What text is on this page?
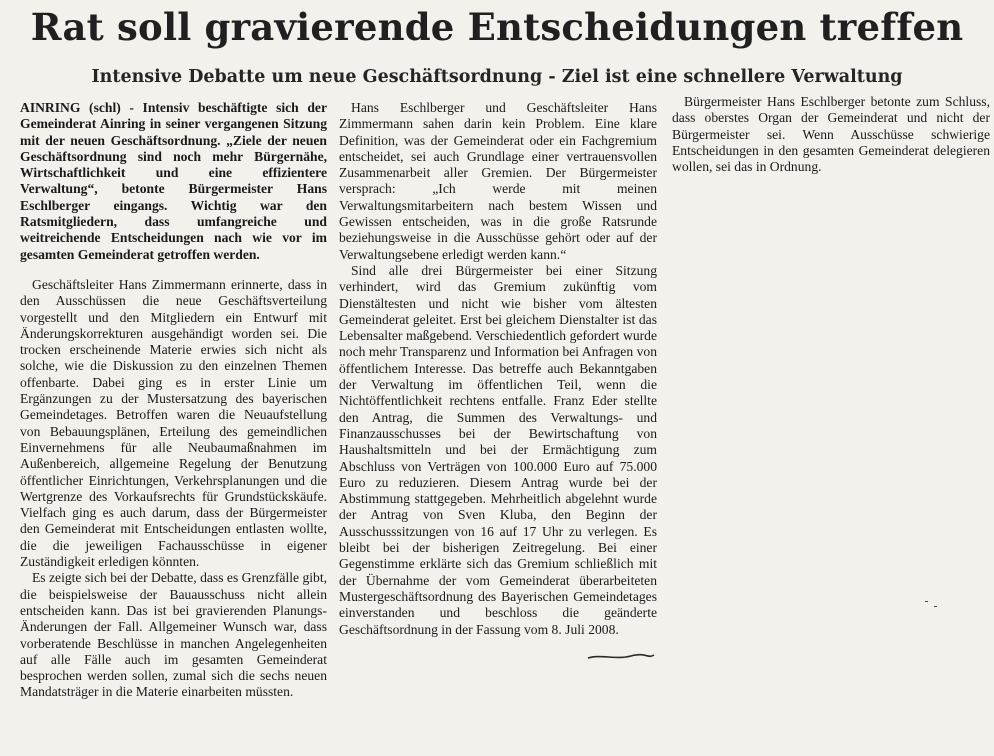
Rat soll gravierende Entscheidungen treffen
Intensive Debatte um neue Geschäftsordnung - Ziel ist eine schnellere Verwaltung

AINRING (schl) - Intensiv beschäftigte sich der Gemeinderat Ainring in seiner vergangenen Sitzung mit der neuen Geschäftsordnung. „Ziele der neuen Geschäftsordnung sind noch mehr Bürgernähe, Wirtschaftlichkeit und eine effizientere Verwaltung“, betonte Bürgermeister Hans Eschlberger eingangs. Wichtig war den Ratsmitgliedern, dass umfangreiche und weitreichende Entscheidungen nach wie vor im gesamten Gemeinderat getroffen werden.

Geschäftsleiter Hans Zimmermann erinnerte, dass in den Ausschüssen die neue Geschäftsverteilung vorgestellt und den Mitgliedern ein Entwurf mit Änderungskorrekturen ausgehändigt worden sei. Die trocken erscheinende Materie erwies sich nicht als solche, wie die Diskussion zu den einzelnen Themen offenbarte. Dabei ging es in erster Linie um Ergänzungen zu der Mustersatzung des bayerischen Gemeindetages. Betroffen waren die Neuaufstellung von Bebauungsplänen, Erteilung des gemeindlichen Einvernehmens für alle Neubaumaßnahmen im Außenbereich, allgemeine Regelung der Benutzung öffentlicher Einrichtungen, Verkehrsplanungen und die Wertgrenze des Vorkaufsrechts für Grundstückskäufe. Vielfach ging es auch darum, dass der Bürgermeister den Gemeinderat mit Entscheidungen entlasten wollte, die die jeweiligen Fachausschüsse in eigener Zuständigkeit erledigen könnten.

Es zeigte sich bei der Debatte, dass es Grenzfälle gibt, die beispielsweise der Bauausschuss nicht allein entscheiden kann. Das ist bei gravierenden Planungs-Änderungen der Fall. Allgemeiner Wunsch war, dass vorberatende Beschlüsse in manchen Angelegenheiten auf alle Fälle auch im gesamten Gemeinderat besprochen werden sollen, zumal sich die sechs neuen Mandatsträger in die Materie einarbeiten müssten.

Hans Eschlberger und Geschäftsleiter Hans Zimmermann sahen darin kein Problem. Eine klare Definition, was der Gemeinderat oder ein Fachgremium entscheidet, sei auch Grundlage einer vertrauensvollen Zusammenarbeit aller Gremien. Der Bürgermeister versprach: „Ich werde mit meinen Verwaltungsmitarbeitern nach bestem Wissen und Gewissen entscheiden, was in die große Ratsrunde beziehungsweise in die Ausschüsse gehört oder auf der Verwaltungsebene erledigt werden kann.“

Sind alle drei Bürgermeister bei einer Sitzung verhindert, wird das Gremium zukünftig vom Dienstältesten und nicht wie bisher vom ältesten Gemeinderat geleitet. Erst bei gleichem Dienstalter ist das Lebensalter maßgebend. Verschiedentlich gefordert wurde noch mehr Transparenz und Information bei Anfragen von öffentlichem Interesse. Das betreffe auch Bekanntgaben der Verwaltung im öffentlichen Teil, wenn die Nichtöffentlichkeit rechtens entfalle. Franz Eder stellte den Antrag, die Summen des Verwaltungs- und Finanzausschusses bei der Bewirtschaftung von Haushaltsmitteln und bei der Ermächtigung zum Abschluss von Verträgen von 100.000 Euro auf 75.000 Euro zu reduzieren. Diesem Antrag wurde bei der Abstimmung stattgegeben. Mehrheitlich abgelehnt wurde der Antrag von Sven Kluba, den Beginn der Ausschusssitzungen von 16 auf 17 Uhr zu verlegen. Es bleibt bei der bisherigen Zeitregelung. Bei einer Gegenstimme erklärte sich das Gremium schließlich mit der Übernahme der vom Gemeinderat überarbeiteten Mustergeschäftsordnung des Bayerischen Gemeindetages einverstanden und beschloss die geänderte Geschäftsordnung in der Fassung vom 8. Juli 2008.

Bürgermeister Hans Eschlberger betonte zum Schluss, dass oberstes Organ der Gemeinderat und nicht der Bürgermeister sei. Wenn Ausschüsse schwierige Entscheidungen in den gesamten Gemeinderat delegieren wollen, sei das in Ordnung.
